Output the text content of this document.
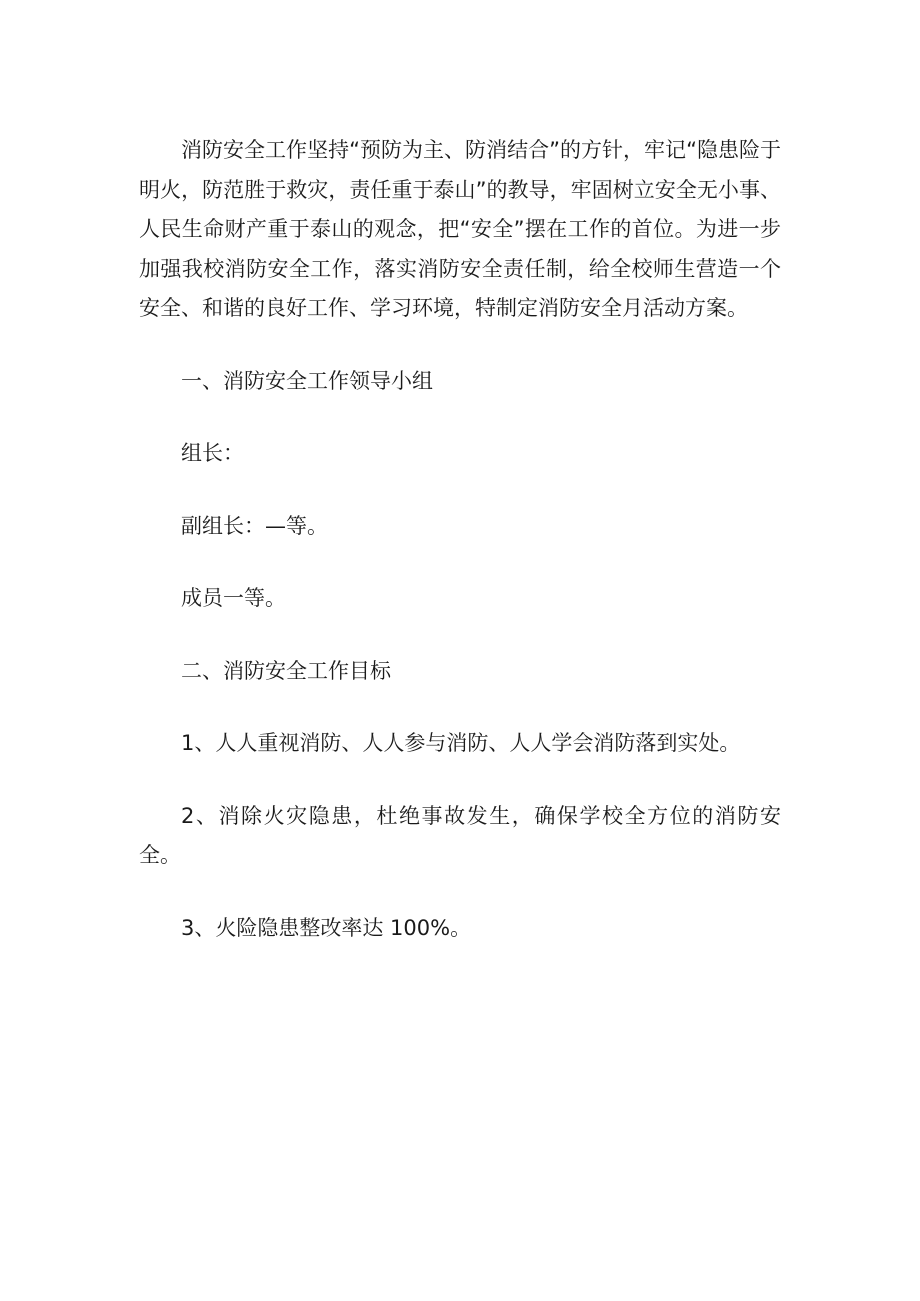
消防安全工作坚持“预防为主、防消结合”的方针，牢记“隐患险于明火，防范胜于救灾，责任重于泰山”的教导，牢固树立安全无小事、人民生命财产重于泰山的观念，把“安全”摆在工作的首位。为进一步加强我校消防安全工作，落实消防安全责任制，给全校师生营造一个安全、和谐的良好工作、学习环境，特制定消防安全月活动方案。

一、消防安全工作领导小组

组长：

副组长：—等。

成员一等。

二、消防安全工作目标

1、人人重视消防、人人参与消防、人人学会消防落到实处。

2、消除火灾隐患，杜绝事故发生，确保学校全方位的消防安全。

3、火险隐患整改率达 100%。
